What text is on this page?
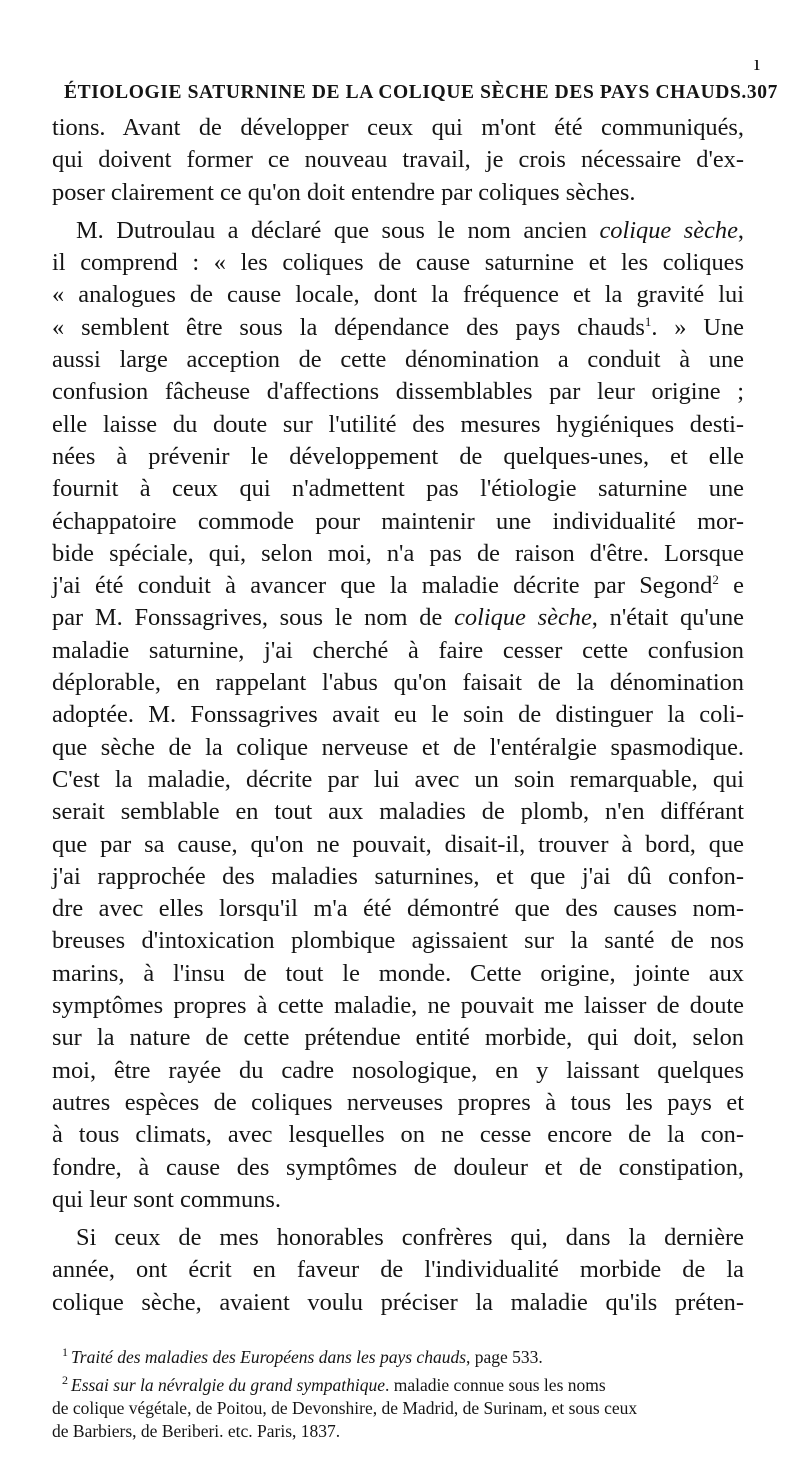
ı
ÉTIOLOGIE SATURNINE DE LA COLIQUE SÈCHE DES PAYS CHAUDS. 307

tions. Avant de développer ceux qui m'ont été communiqués,
qui doivent former ce nouveau travail, je crois nécessaire d'ex-
poser clairement ce qu'on doit entendre par coliques sèches.

M. Dutroulau a déclaré que sous le nom ancien colique sèche,
il comprend : « les coliques de cause saturnine et les coliques
« analogues de cause locale, dont la fréquence et la gravité lui
« semblent être sous la dépendance des pays chauds$^1$. » Une
aussi large acception de cette dénomination a conduit à une
confusion fâcheuse d'affections dissemblables par leur origine ;
elle laisse du doute sur l'utilité des mesures hygiéniques desti-
nées à prévenir le développement de quelques-unes, et elle
fournit à ceux qui n'admettent pas l'étiologie saturnine une
échappatoire commode pour maintenir une individualité mor-
bide spéciale, qui, selon moi, n'a pas de raison d'être. Lorsque
j'ai été conduit à avancer que la maladie décrite par Segond$^2$ e
par M. Fonssagrives, sous le nom de colique sèche, n'était qu'une
maladie saturnine, j'ai cherché à faire cesser cette confusion
déplorable, en rappelant l'abus qu'on faisait de la dénomination
adoptée. M. Fonssagrives avait eu le soin de distinguer la coli-
que sèche de la colique nerveuse et de l'entéralgie spasmodique.
C'est la maladie, décrite par lui avec un soin remarquable, qui
serait semblable en tout aux maladies de plomb, n'en différant
que par sa cause, qu'on ne pouvait, disait-il, trouver à bord, que
j'ai rapprochée des maladies saturnines, et que j'ai dû confon-
dre avec elles lorsqu'il m'a été démontré que des causes nom-
breuses d'intoxication plombique agissaient sur la santé de nos
marins, à l'insu de tout le monde. Cette origine, jointe aux
symptômes propres à cette maladie, ne pouvait me laisser de doute
sur la nature de cette prétendue entité morbide, qui doit, selon
moi, être rayée du cadre nosologique, en y laissant quelques
autres espèces de coliques nerveuses propres à tous les pays et
à tous climats, avec lesquelles on ne cesse encore de la con-
fondre, à cause des symptômes de douleur et de constipation,
qui leur sont communs.

Si ceux de mes honorables confrères qui, dans la dernière
année, ont écrit en faveur de l'individualité morbide de la
colique sèche, avaient voulu préciser la maladie qu'ils préten-

$^1$ Traité des maladies des Européens dans les pays chauds, page 533.
$^2$ Essai sur la névralgie du grand sympathique. maladie connue sous les noms
de colique végétale, de Poitou, de Devonshire, de Madrid, de Surinam, et sous ceux
de Barbiers, de Beriberi. etc. Paris, 1837.
